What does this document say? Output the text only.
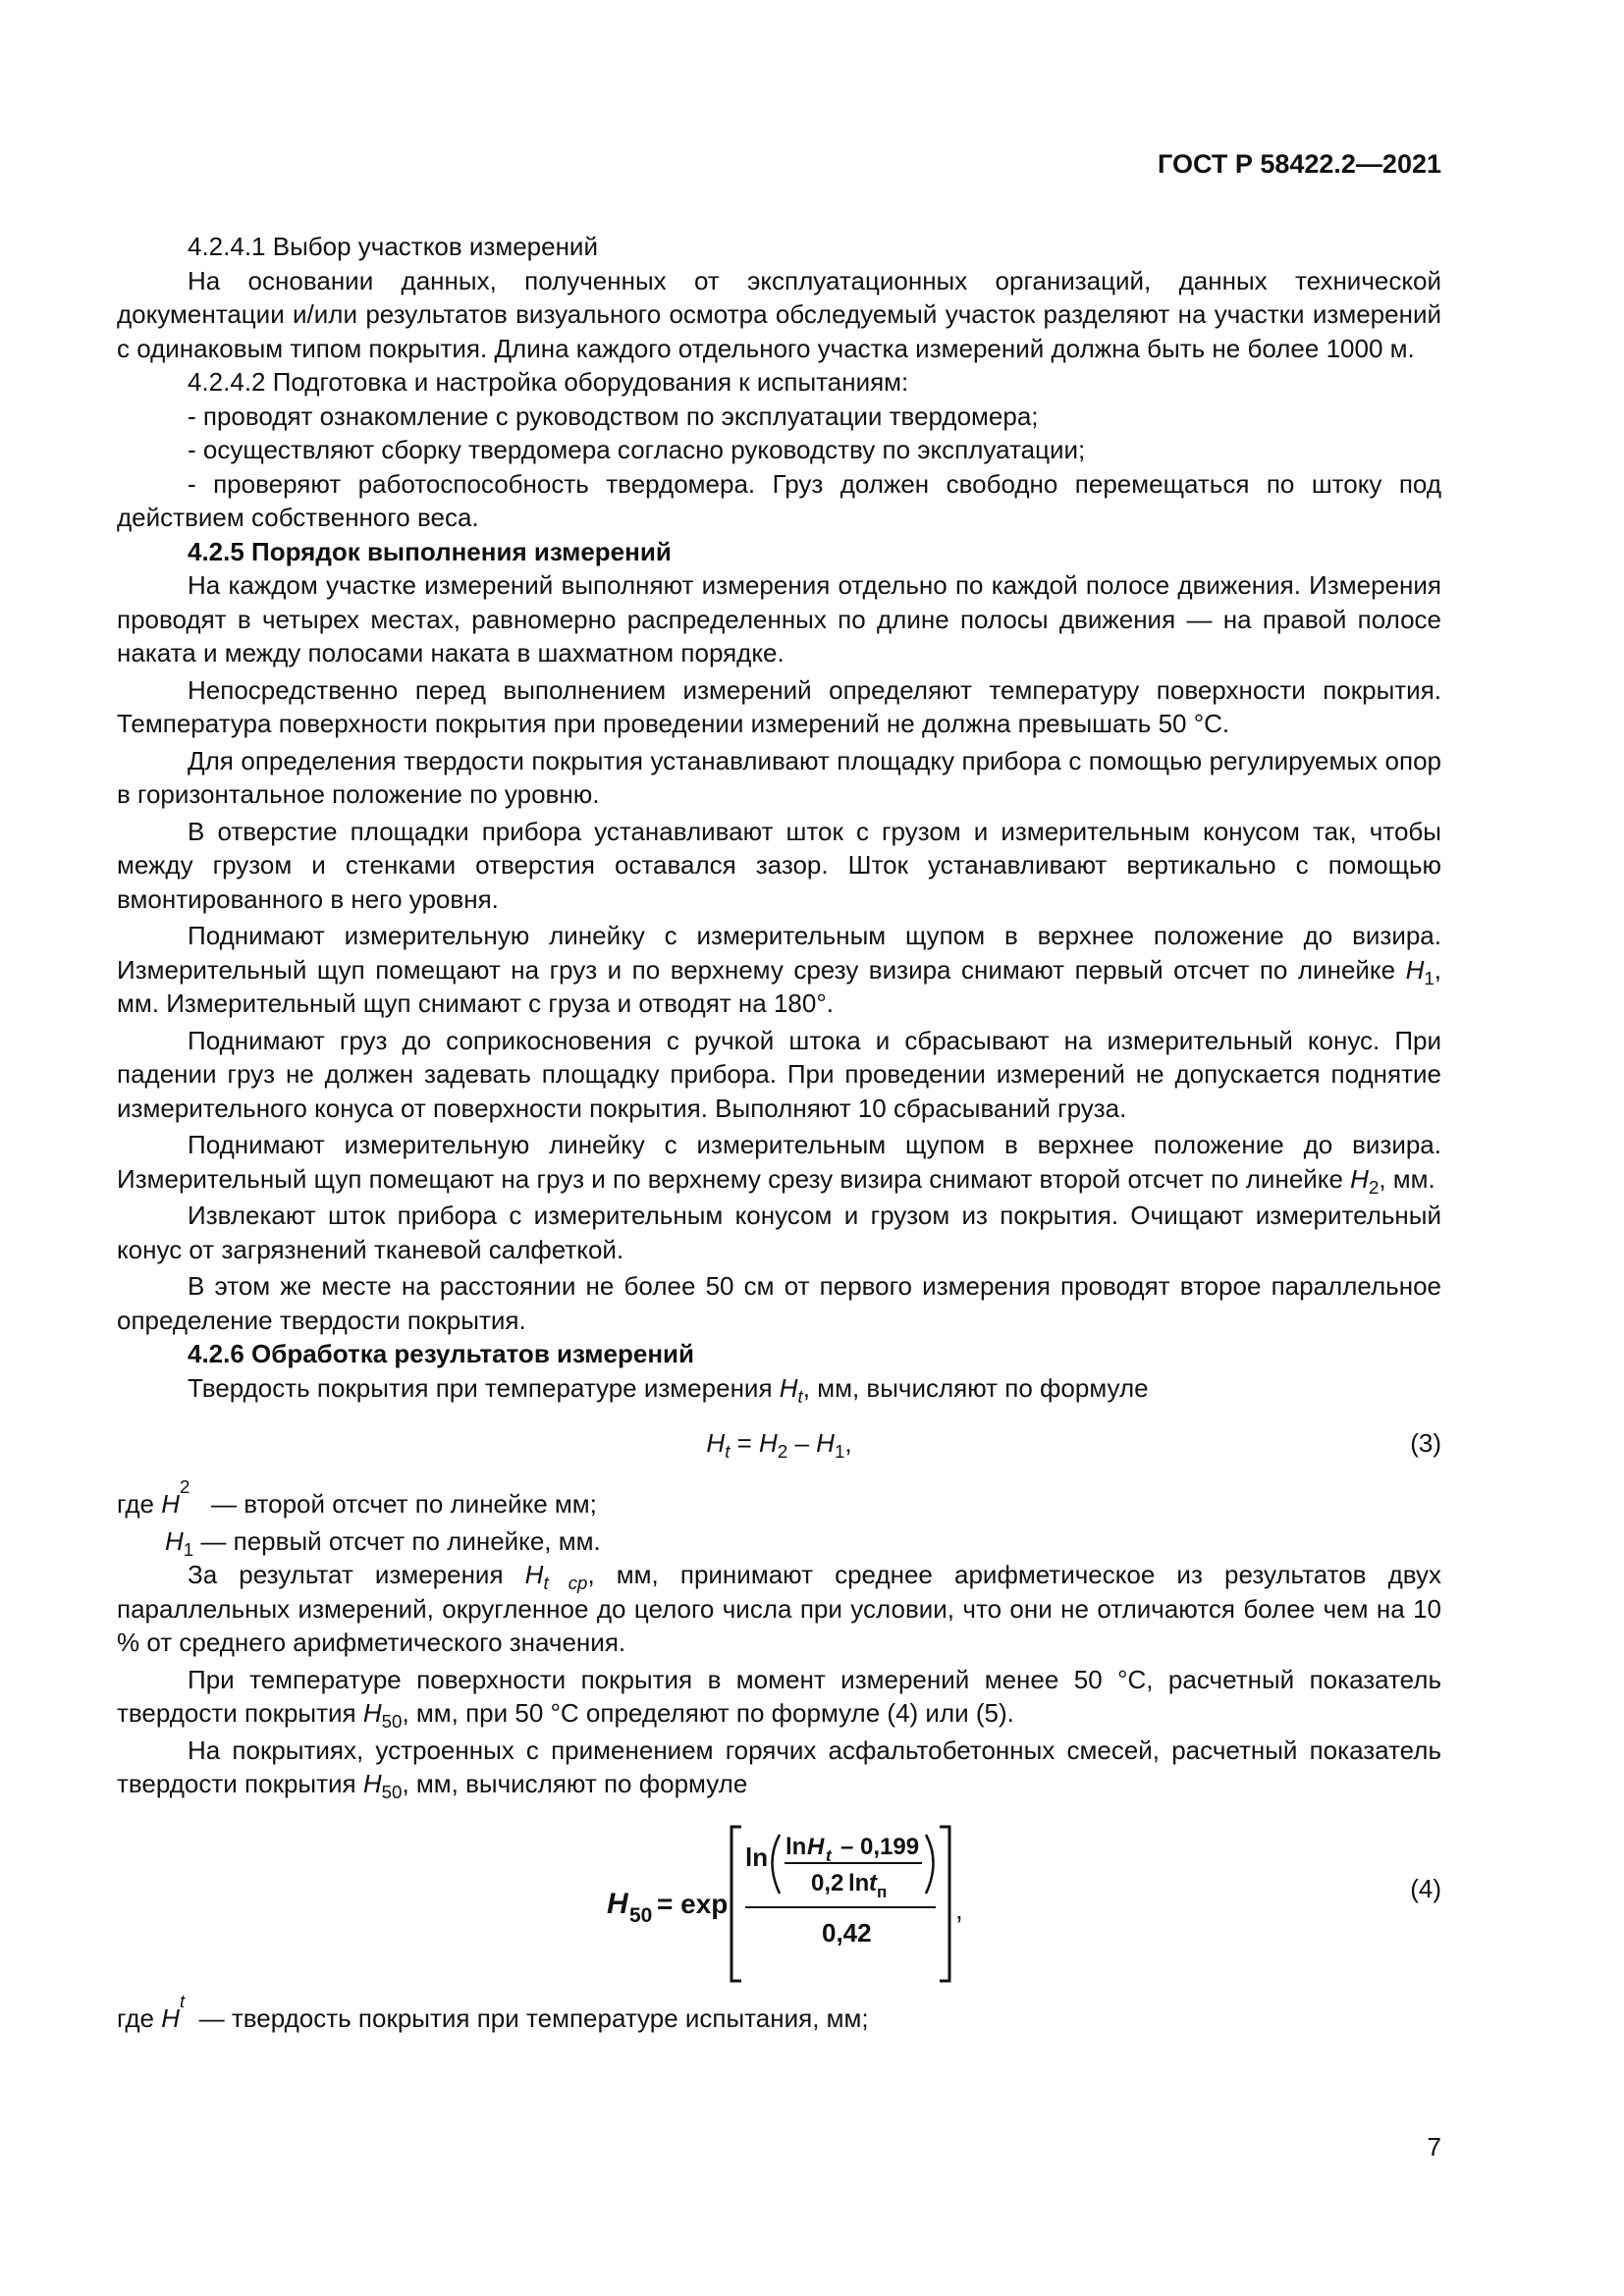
ГОСТ Р 58422.2—2021

4.2.4.1 Выбор участков измерений

На основании данных, полученных от эксплуатационных организаций, данных технической документации и/или результатов визуального осмотра обследуемый участок разделяют на участки измерений с одинаковым типом покрытия. Длина каждого отдельного участка измерений должна быть не более 1000 м.

4.2.4.2 Подготовка и настройка оборудования к испытаниям:

- проводят ознакомление с руководством по эксплуатации твердомера;

- осуществляют сборку твердомера согласно руководству по эксплуатации;

- проверяют работоспособность твердомера. Груз должен свободно перемещаться по штоку под действием собственного веса.

4.2.5 Порядок выполнения измерений

На каждом участке измерений выполняют измерения отдельно по каждой полосе движения. Измерения проводят в четырех местах, равномерно распределенных по длине полосы движения — на правой полосе наката и между полосами наката в шахматном порядке.

Непосредственно перед выполнением измерений определяют температуру поверхности покрытия. Температура поверхности покрытия при проведении измерений не должна превышать 50 °С.

Для определения твердости покрытия устанавливают площадку прибора с помощью регулируемых опор в горизонтальное положение по уровню.

В отверстие площадки прибора устанавливают шток с грузом и измерительным конусом так, чтобы между грузом и стенками отверстия оставался зазор. Шток устанавливают вертикально с помощью вмонтированного в него уровня.

Поднимают измерительную линейку с измерительным щупом в верхнее положение до визира. Измерительный щуп помещают на груз и по верхнему срезу визира снимают первый отсчет по линейке $H_1$, мм. Измерительный щуп снимают с груза и отводят на 180°.

Поднимают груз до соприкосновения с ручкой штока и сбрасывают на измерительный конус. При падении груз не должен задевать площадку прибора. При проведении измерений не допускается поднятие измерительного конуса от поверхности покрытия. Выполняют 10 сбрасываний груза.

Поднимают измерительную линейку с измерительным щупом в верхнее положение до визира. Измерительный щуп помещают на груз и по верхнему срезу визира снимают второй отсчет по линейке $H_2$, мм.

Извлекают шток прибора с измерительным конусом и грузом из покрытия. Очищают измерительный конус от загрязнений тканевой салфеткой.

В этом же месте на расстоянии не более 50 см от первого измерения проводят второе параллельное определение твердости покрытия.

4.2.6 Обработка результатов измерений

Твердость покрытия при температуре измерения $H_t$, мм, вычисляют по формуле

$H_t = H_2 - H_1$,	(3)
где
H
2

— второй отсчет по линейке мм;
$H_1$ — первый отсчет по линейке, мм.

За результат измерения $H_{t ср}$, мм, принимают среднее арифметическое из результатов двух параллельных измерений, округленное до целого числа при условии, что они не отличаются более чем на 10 % от среднего арифметического значения.

При температуре поверхности покрытия в момент измерений менее 50 °С, расчетный показатель твердости покрытия $H_{50}$, мм, при 50 °С определяют по формуле (4) или (5).

На покрытиях, устроенных с применением горячих асфальтобетонных смесей, расчетный показатель твердости покрытия $H_{50}$, мм, вычисляют по формуле

H 50 = exp
ln ln H t – 0,199
0,2 ln t п
0,42
,
(4)
где
H
t

— твердость покрытия при температуре испытания, мм;
7
